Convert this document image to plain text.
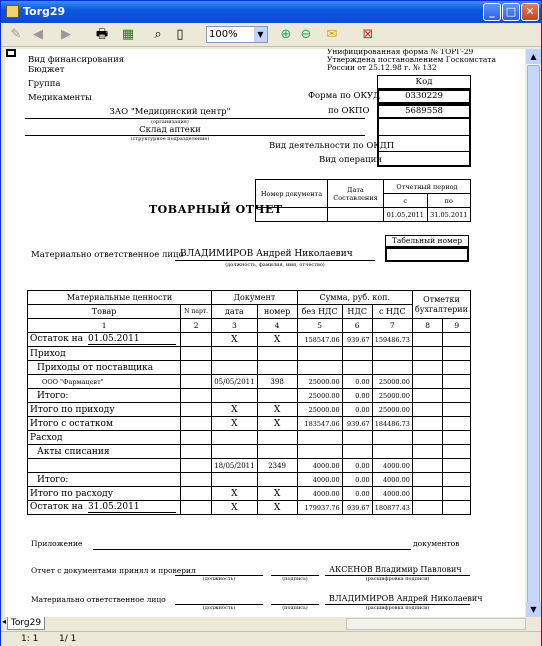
Torg29	_	□ ✕
✎ ◀	▶	🖶 ▦	⌕	▯	100%	▼ ⊕ ⊖ ✉ ⊠
Вид финансирования
Бюджет
Группа
Медикаменты
Унифицированная форма № ТОРГ-29
Утверждена постановлением Госкомстата
России от 25.12.98 г. № 132
Код
Форма по ОКУД	0330229
по ОКПО	5689558
ЗАО "Медицинский центр"
(организация)
Склад аптеки
(структурное подразделение)
Вид деятельности по ОКДП
Вид операции
Номер документа	Дата Составления	Отчетный период	
		с	по
		01.05.2011	31.05.2011
ТОВАРНЫЙ ОТЧЕТ
Табельный номер
Материально ответственное лицо
ВЛАДИМИРОВ Андрей Николаевич
(должность, фамилия, имя, отчество)
Материальные ценности		Документ		Сумма, руб. коп.			Отметки бухгалтерии	
Товар	N парт.	дата	номер	без НДС	НДС	с НДС		
1	2	3	4	5	6	7	8	9
Остаток на 01.05.2011		X	X	158547.06	939.67	159486.73		
Приход								
Приходы от поставщика								
ООО "Фармацевт"		05/05/2011	398	25000.00	0.00	25000.00		
Итого:				25000.00	0.00	25000.00		
Итого по приходу		X	X	25000.00	0.00	25000.00		
Итого с остатком		X	X	183547.06	939.67	184486.73		
Расход								
Акты списания								
		18/05/2011	2349	4000.00	0.00	4000.00		
Итого:				4000.00	0.00	4000.00		
Итого по расходу		X	X	4000.00	0.00	4000.00		
Остаток на 31.05.2011		X	X	179937.76	939.67	180877.43		
Приложение	документов
Отчет с документами принял и проверил	АКСЕНОВ Владимир Павлович
(должность)	(подпись)	(расшифровка подписи)
Материально ответственное лицо	ВЛАДИМИРОВ Андрей Николаевич
(должность)	(подпись)	(расшифровка подписи)
▲
▼
◂ Torg29
1: 1 1/ 1
